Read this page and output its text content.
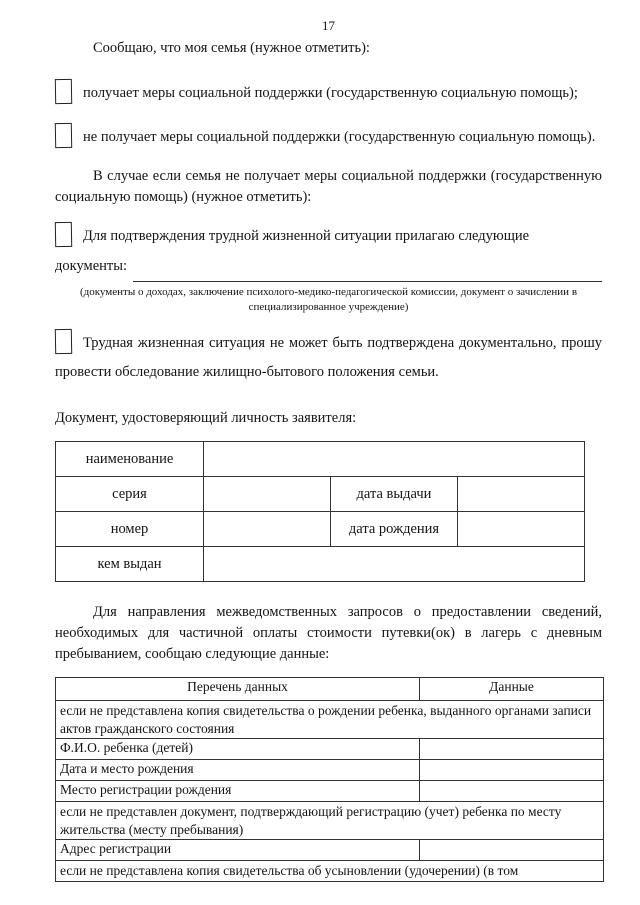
17

Сообщаю, что моя семья (нужное отметить):

получает меры социальной поддержки (государственную социальную помощь);

не получает меры социальной поддержки (государственную социальную помощь).

В случае если семья не получает меры социальной поддержки (государственную социальную помощь) (нужное отметить):

Для подтверждения трудной жизненной ситуации прилагаю следующие

документы:
(документы о доходах, заключение психолого-медико-педагогической комиссии, документ о зачислении в специализированное учреждение)

Трудная жизненная ситуация не может быть подтверждена документально, прошу провести обследование жилищно-бытового положения семьи.

Документ, удостоверяющий личность заявителя:

наименование			
серия		дата выдачи	
номер		дата рождения	
кем выдан			

Для направления межведомственных запросов о предоставлении сведений, необходимых для частичной оплаты стоимости путевки(ок) в лагерь с дневным пребыванием, сообщаю следующие данные:

Перечень данных	Данные
если не представлена копия свидетельства о рождении ребенка, выданного органами записи актов гражданского состояния	
Ф.И.О. ребенка (детей)	
Дата и место рождения	
Место регистрации рождения	
если не представлен документ, подтверждающий регистрацию (учет) ребенка по месту жительства (месту пребывания)	
Адрес регистрации	
если не представлена копия свидетельства об усыновлении (удочерении) (в том	
